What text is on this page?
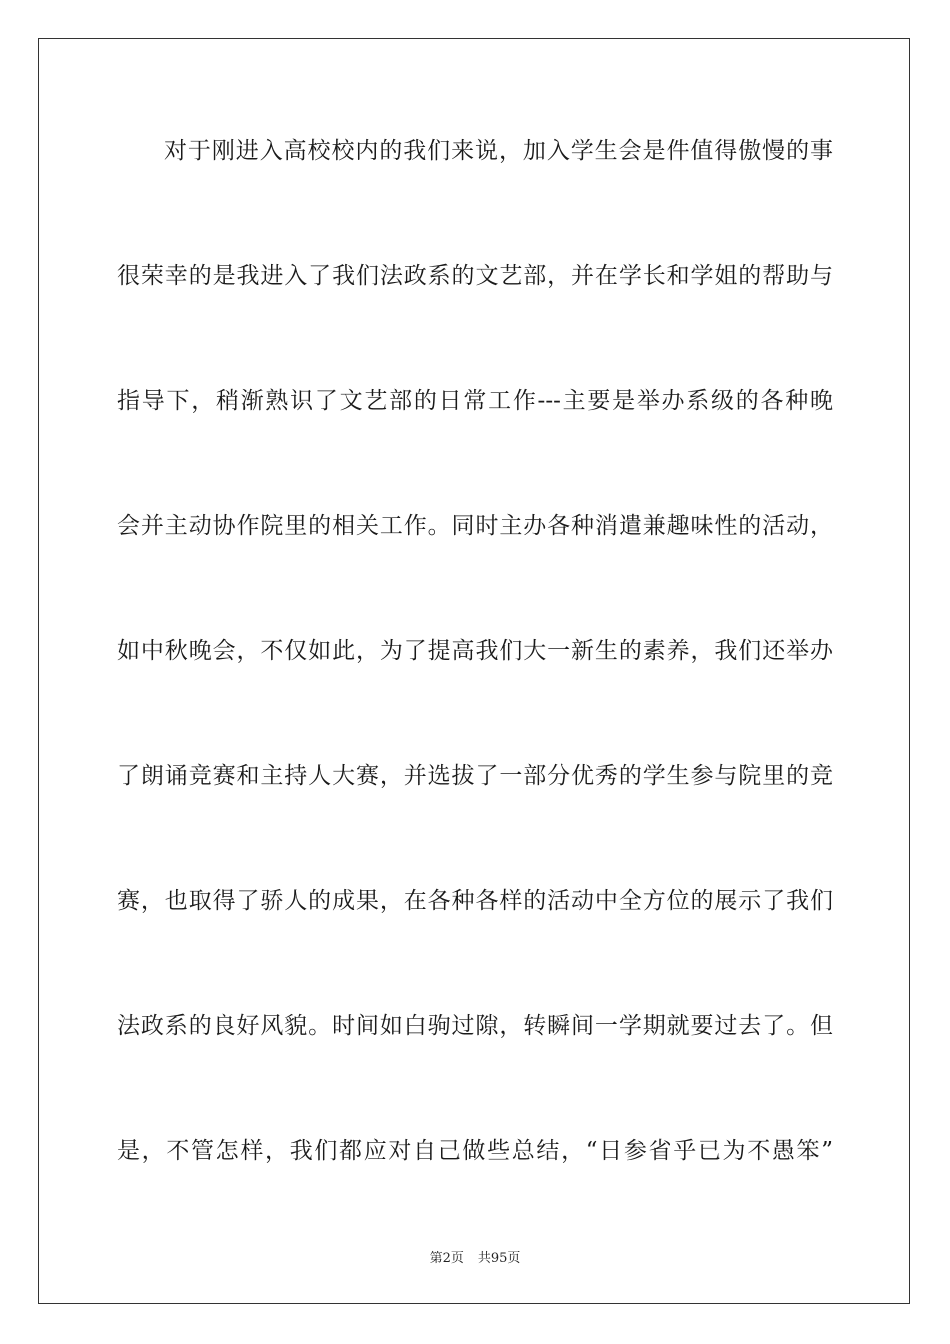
对于刚进入高校校内的我们来说，加入学生会是件值得傲慢的事
很荣幸的是我进入了我们法政系的文艺部，并在学长和学姐的帮助与
指导下，稍渐熟识了文艺部的日常工作---主要是举办系级的各种晚
会并主动协作院里的相关工作。同时主办各种消遣兼趣味性的活动，
如中秋晚会，不仅如此，为了提高我们大一新生的素养，我们还举办
了朗诵竞赛和主持人大赛，并选拔了一部分优秀的学生参与院里的竞
赛，也取得了骄人的成果，在各种各样的活动中全方位的展示了我们
法政系的良好风貌。时间如白驹过隙，转瞬间一学期就要过去了。但
是，不管怎样，我们都应对自己做些总结，“日参省乎已为不愚笨”
第2页 共95页
